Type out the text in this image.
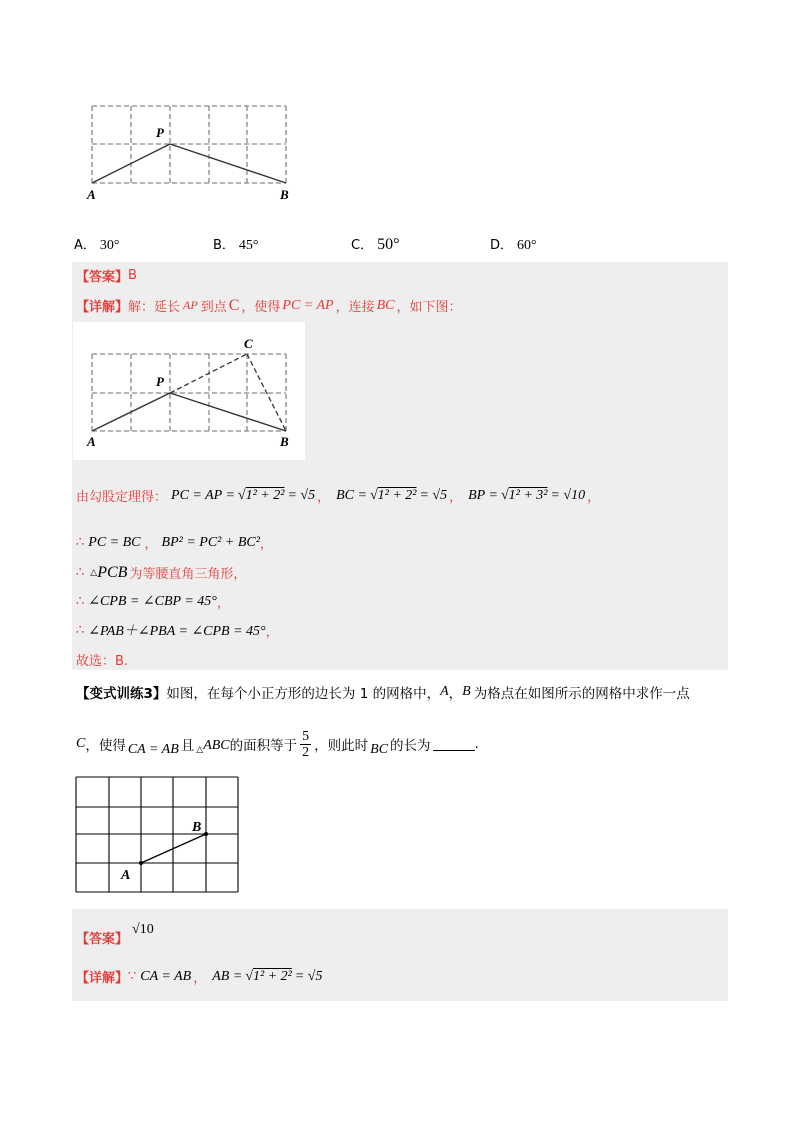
P
A	B
A． 30°	B． 45°	C． 50°	D． 60°
【答案】 B
【详解】 解：延长 AP 到点 C ，使得 PC = AP ，连接 BC ，如下图：
C
P
A	B
由勾股定理得： PC = AP = √1² + 2² = √5 ， BC = √1² + 2² = √5 ， BP = √1² + 3² = √10 ，
∴ PC = BC ， BP² = PC² + BC² ，
∴ △ PCB 为等腰直角三角形，
∴ ∠CPB = ∠CBP = 45° ，
∴ ∠PAB＋∠PBA = ∠CPB = 45° ，
故选：B.
【变式训练3】 如图，在每个小正方形的边长为 1 的网格中， A ， B 为格点在如图所示的网格中求作一点
C ，使得 CA = AB 且 △ ABC 的面积等于 $\frac{5}{2}$ ，则此时 BC 的长为	.
A
B
【答案】
√10
【详解】 ∵ CA = AB ， AB = √1² + 2² = √5
